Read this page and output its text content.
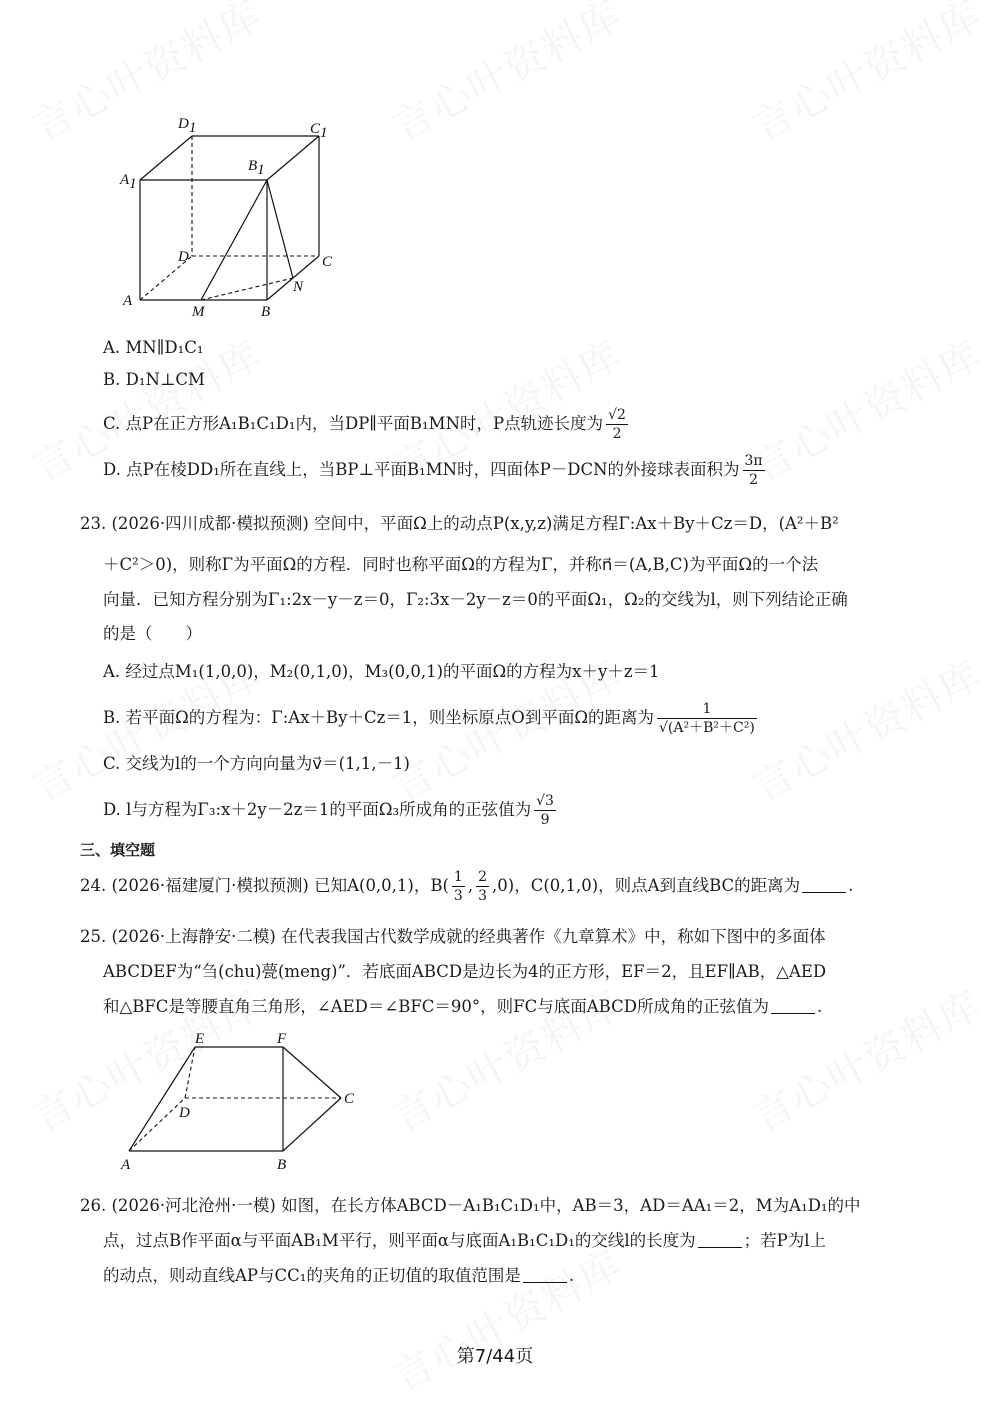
D1	C1
A1
B1
D	C
A
B
M
N
A. MN∥D₁C₁
B. D₁N⊥CM
C. 点P在正方形A₁B₁C₁D₁内，当DP∥平面B₁MN时，P点轨迹长度为 $\frac{√2}{2}$
D. 点P在棱DD₁所在直线上，当BP⊥平面B₁MN时，四面体P－DCN的外接球表面积为 $\frac{3\pi}{2}$
23. (2026·四川成都·模拟预测) 空间中，平面Ω上的动点P(x,y,z)满足方程Γ:Ax＋By＋Cz＝D，(A²＋B²
＋C²＞0)，则称Γ为平面Ω的方程．同时也称平面Ω的方程为Γ，并称n⃗＝(A,B,C)为平面Ω的一个法
向量．已知方程分别为Γ₁:2x－y－z＝0，Γ₂:3x－2y－z＝0的平面Ω₁，Ω₂的交线为l，则下列结论正确
的是（　　）
A. 经过点M₁(1,0,0)，M₂(0,1,0)，M₃(0,0,1)的平面Ω的方程为x＋y＋z＝1
B. 若平面Ω的方程为：Γ:Ax＋By＋Cz＝1，则坐标原点O到平面Ω的距离为 $\frac{1}{\text{√(A²＋B²＋C²)}}$
C. 交线为l的一个方向向量为v⃗＝(1,1,－1)
D. l与方程为Γ₃:x＋2y－2z＝1的平面Ω₃所成角的正弦值为 $\frac{√3}{9}$
三、填空题
24. (2026·福建厦门·模拟预测) 已知A(0,0,1)，$B( \frac{1}{3}$ , $\frac{2}{3} ,0$)，C(0,1,0)，则点A到直线BC的距离为	.
25. (2026·上海静安·二模) 在代表我国古代数学成就的经典著作《九章算术》中，称如下图中的多面体
ABCDEF为“刍(chu)甍(meng)”．若底面ABCD是边长为4的正方形，EF＝2，且EF∥AB，△AED
和△BFC是等腰直角三角形，∠AED＝∠BFC＝90°，则FC与底面ABCD所成角的正弦值为	.
E	F
C
D
A	B
26. (2026·河北沧州·一模) 如图，在长方体ABCD－A₁B₁C₁D₁中，AB＝3，AD＝AA₁＝2，M为A₁D₁的中
点，过点B作平面α与平面AB₁M平行，则平面α与底面A₁B₁C₁D₁的交线l的长度为	；若P为l上
的动点，则动直线AP与CC₁的夹角的正切值的取值范围是	.
第7/44页
